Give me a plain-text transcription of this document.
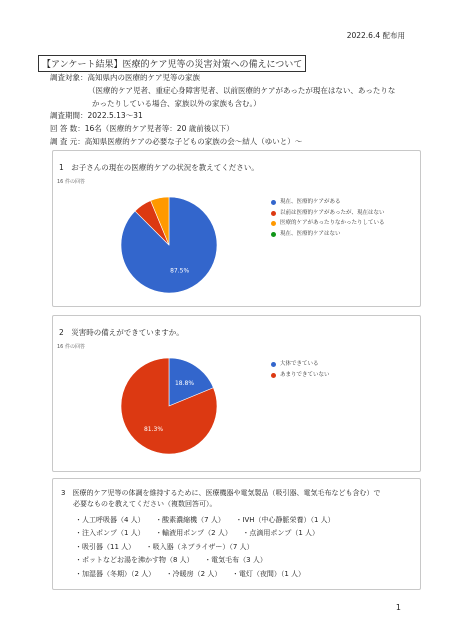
2022.6.4 配布用
【アンケート結果】医療的ケア児等の災害対策への備えについて
調査対象：高知県内の医療的ケア児等の家族
（医療的ケア児者、重症心身障害児者、以前医療的ケアがあったが現在はない、あったりな
かったりしている場合、家族以外の家族も含む。）
調査期間：2022.5.13～31
回 答 数：16名（医療的ケア児者等：20 歳前後以下）
調 査 元：高知県医療的ケアの必要な子どもの家族の会～結人（ゆいと）～
1　お子さんの現在の医療的ケアの状況を教えてください。
16 件の回答
87.5%
現在、医療的ケアがある
以前は医療的ケアがあったが、現在はない
医療的ケアがあったりなかったりしている
現在、医療的ケアはない
2　災害時の備えができていますか。
16 件の回答
18.8%
81.3%
大体できている
あまりできていない
3　医療的ケア児等の体調を維持するために、医療機器や電気製品（吸引器、電気毛布なども含む）で
必要なものを教えてください（複数回答可）。
・人工呼吸器（4 人） ・酸素濃縮機（7 人） ・IVH（中心静脈栄養）（1 人）
・注入ポンプ（1 人） ・輸液用ポンプ（2 人） ・点滴用ポンプ（1 人）
・吸引器（11 人） ・吸入器（ネブライザー）（7 人）
・ポットなどお湯を沸かす物（8 人） ・電気毛布（3 人）
・加湿器（冬期）（2 人） ・冷暖房（2 人） ・電灯（夜間）（1 人）
1
